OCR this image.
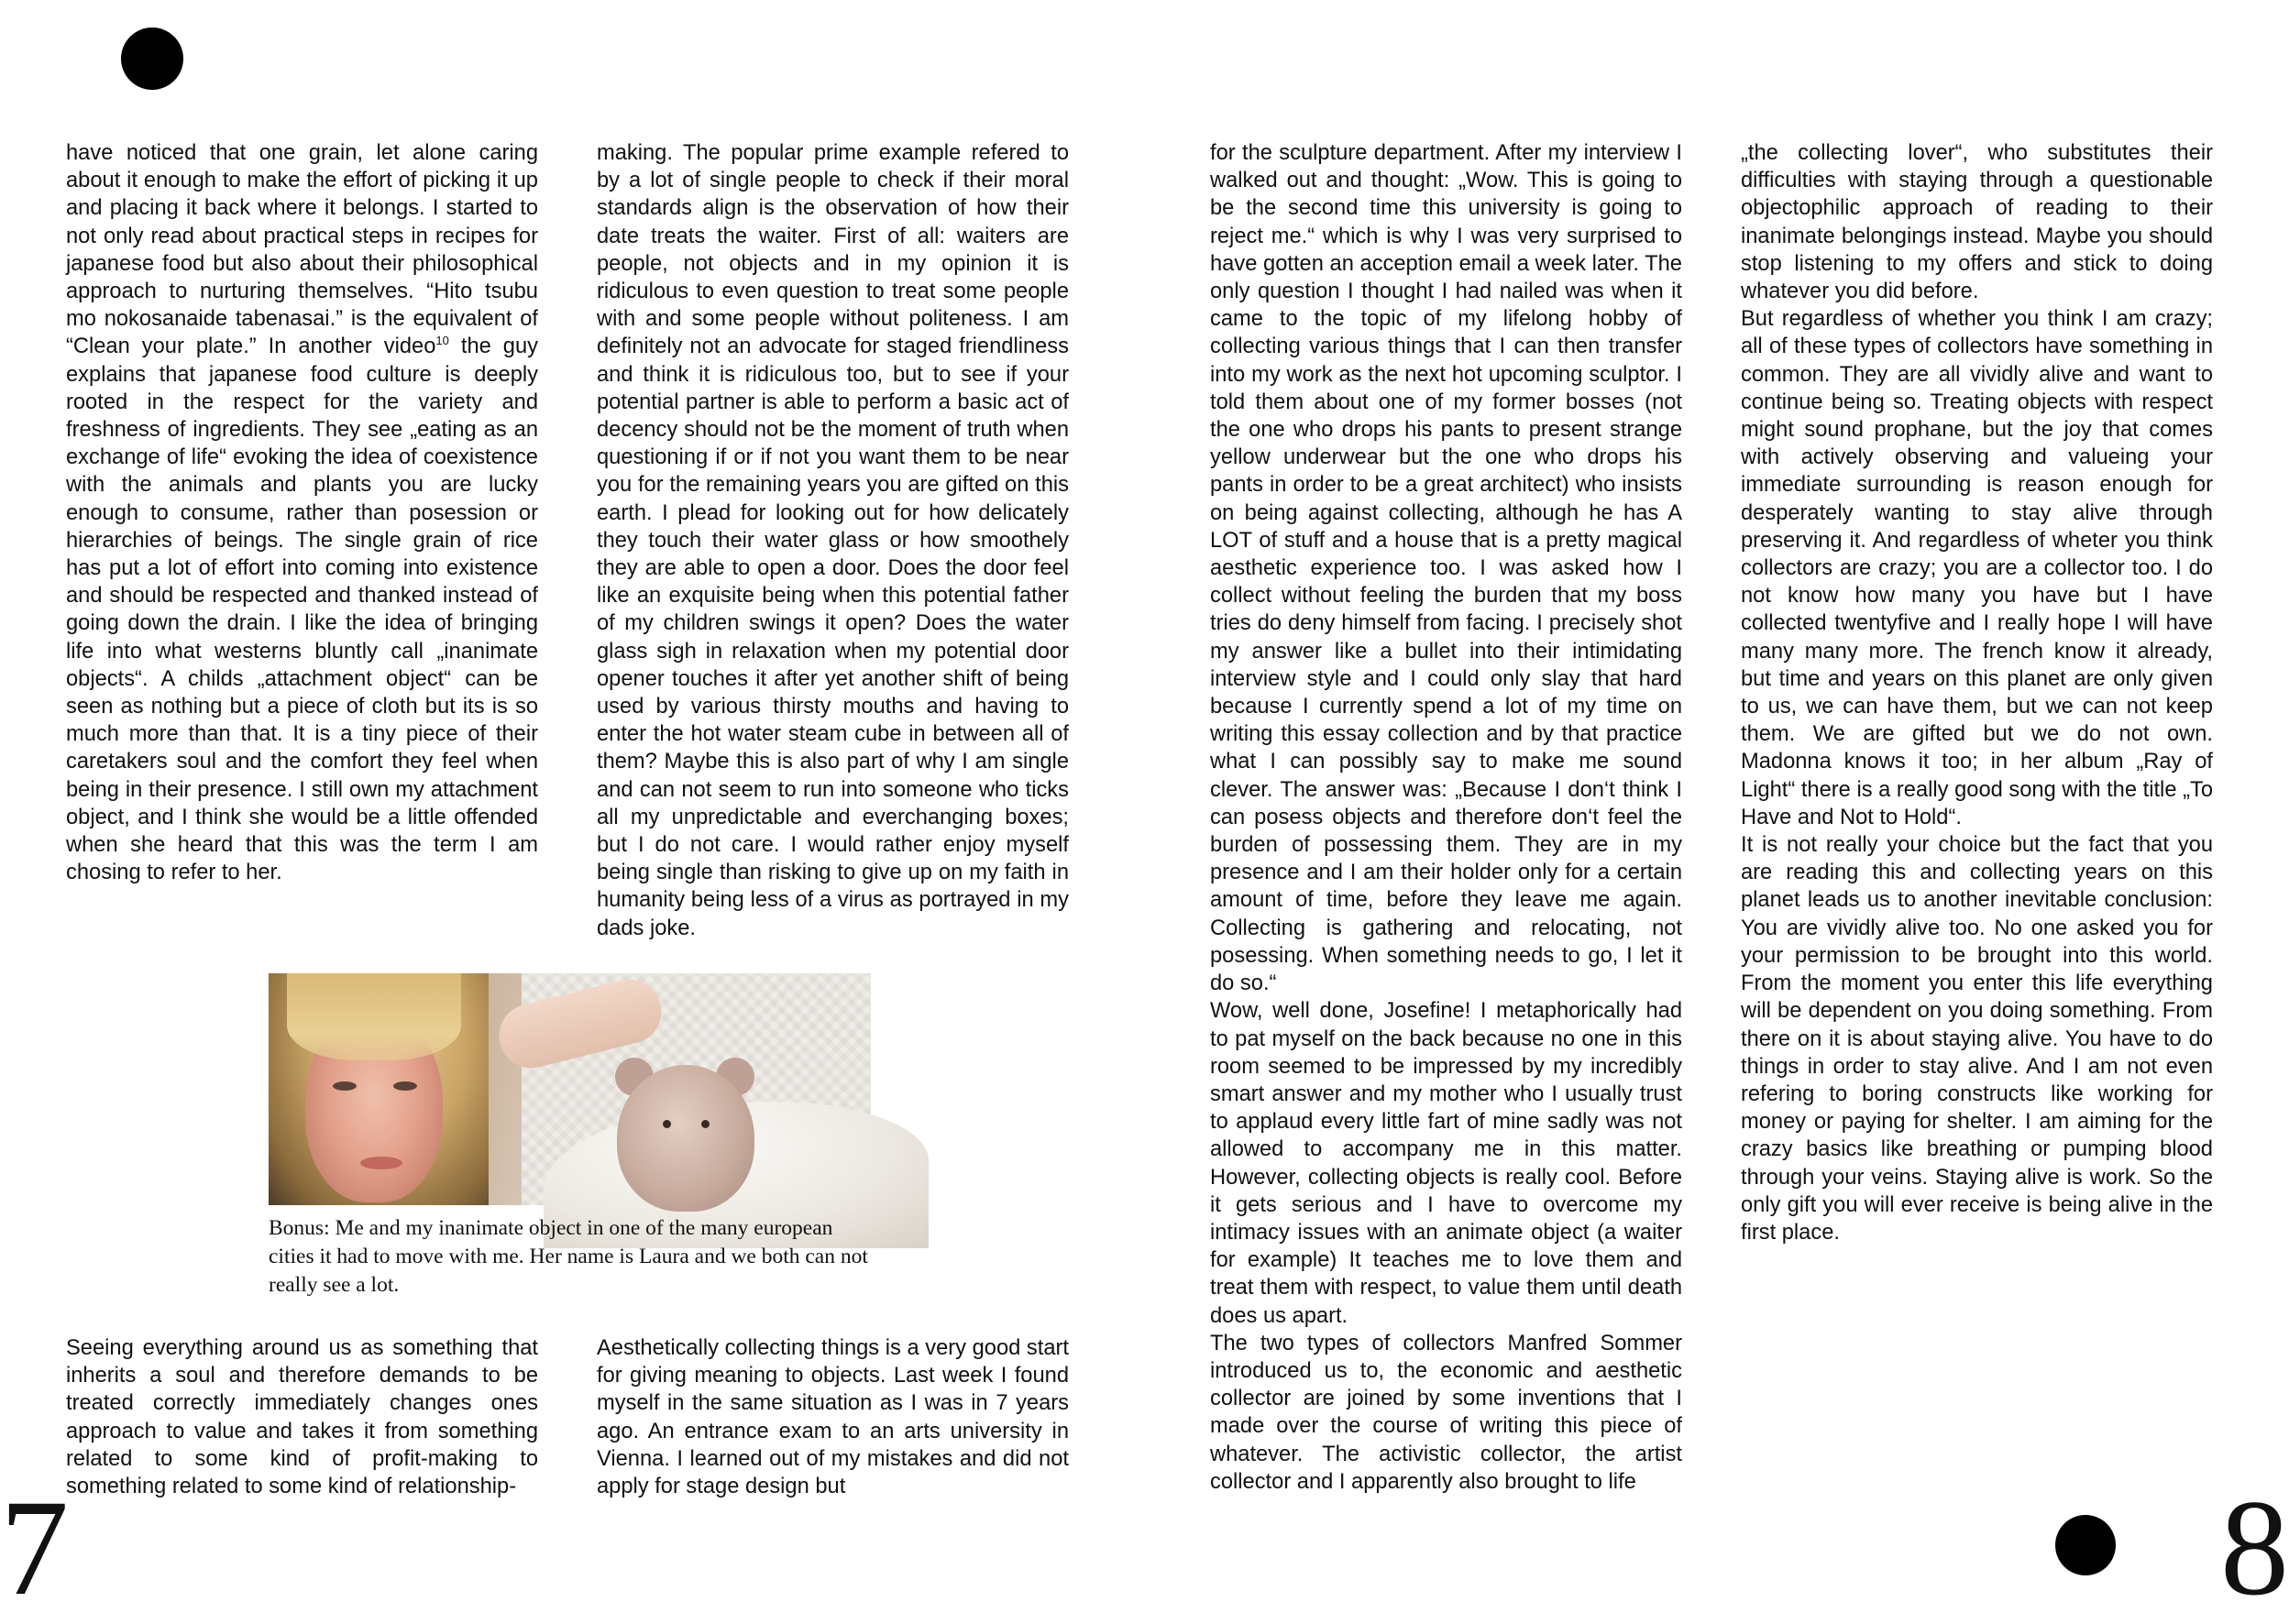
have noticed that one grain, let alone caring about it enough to make the effort of picking it up and placing it back where it belongs. I started to not only read about practical steps in recipes for japanese food but also about their philosophical approach to nurturing themselves. “Hito tsubu mo nokosanaide tabenasai.” is the equivalent of “Clean your plate.” In another video$^{10}$ the guy explains that japanese food culture is deeply rooted in the respect for the variety and freshness of ingredients. They see „eating as an exchange of life“ evoking the idea of coexistence with the animals and plants you are lucky enough to consume, rather than posession or hierarchies of beings. The single grain of rice has put a lot of effort into coming into existence and should be respected and thanked instead of going down the drain. I like the idea of bringing life into what westerns bluntly call „inanimate objects“. A childs „attachment object“ can be seen as nothing but a piece of cloth but its is so much more than that. It is a tiny piece of their caretakers soul and the comfort they feel when being in their presence. I still own my attachment object, and I think she would be a little offended when she heard that this was the term I am chosing to refer to her.

making. The popular prime example refered to by a lot of single people to check if their moral standards align is the observation of how their date treats the waiter. First of all: waiters are people, not objects and in my opinion it is ridiculous to even question to treat some people with and some people without politeness. I am definitely not an advocate for staged friendliness and think it is ridiculous too, but to see if your potential partner is able to perform a basic act of decency should not be the moment of truth when questioning if or if not you want them to be near you for the remaining years you are gifted on this earth. I plead for looking out for how delicately they touch their water glass or how smoothely they are able to open a door. Does the door feel like an exquisite being when this potential father of my children swings it open? Does the water glass sigh in relaxation when my potential door opener touches it after yet another shift of being used by various thirsty mouths and having to enter the hot water steam cube in between all of them? Maybe this is also part of why I am single and can not seem to run into someone who ticks all my unpredictable and everchanging boxes; but I do not care. I would rather enjoy myself being single than risking to give up on my faith in humanity being less of a virus as portrayed in my dads joke.

Bonus: Me and my inanimate object in one of the many european cities it had to move with me. Her name is Laura and we both can not really see a lot.

Seeing everything around us as something that inherits a soul and therefore demands to be treated correctly immediately changes ones approach to value and takes it from something related to some kind of profit-making to something related to some kind of relationship-

Aesthetically collecting things is a very good start for giving meaning to objects. Last week I found myself in the same situation as I was in 7 years ago. An entrance exam to an arts university in Vienna. I learned out of my mistakes and did not apply for stage design but

7

for the sculpture department. After my interview I walked out and thought: „Wow. This is going to be the second time this university is going to reject me.“ which is why I was very surprised to have gotten an acception email a week later. The only question I thought I had nailed was when it came to the topic of my lifelong hobby of collecting various things that I can then transfer into my work as the next hot upcoming sculptor. I told them about one of my former bosses (not the one who drops his pants to present strange yellow underwear but the one who drops his pants in order to be a great architect) who insists on being against collecting, although he has A LOT of stuff and a house that is a pretty magical aesthetic experience too. I was asked how I collect without feeling the burden that my boss tries do deny himself from facing. I precisely shot my answer like a bullet into their intimidating interview style and I could only slay that hard because I currently spend a lot of my time on writing this essay collection and by that practice what I can possibly say to make me sound clever. The answer was: „Because I don‘t think I can posess objects and therefore don‘t feel the burden of possessing them. They are in my presence and I am their holder only for a certain amount of time, before they leave me again. Collecting is gathering and relocating, not posessing. When something needs to go, I let it do so.“

Wow, well done, Josefine! I metaphorically had to pat myself on the back because no one in this room seemed to be impressed by my incredibly smart answer and my mother who I usually trust to applaud every little fart of mine sadly was not allowed to accompany me in this matter. However, collecting objects is really cool. Before it gets serious and I have to overcome my intimacy issues with an animate object (a waiter for example) It teaches me to love them and treat them with respect, to value them until death does us apart.

The two types of collectors Manfred Sommer introduced us to, the economic and aesthetic collector are joined by some inventions that I made over the course of writing this piece of whatever. The activistic collector, the artist collector and I apparently also brought to life

„the collecting lover“, who substitutes their difficulties with staying through a questionable objectophilic approach of reading to their inanimate belongings instead. Maybe you should stop listening to my offers and stick to doing whatever you did before.

But regardless of whether you think I am crazy; all of these types of collectors have something in common. They are all vividly alive and want to continue being so. Treating objects with respect might sound prophane, but the joy that comes with actively observing and valueing your immediate surrounding is reason enough for desperately wanting to stay alive through preserving it. And regardless of wheter you think collectors are crazy; you are a collector too. I do not know how many you have but I have collected twentyfive and I really hope I will have many many more. The french know it already, but time and years on this planet are only given to us, we can have them, but we can not keep them. We are gifted but we do not own. Madonna knows it too; in her album „Ray of Light“ there is a really good song with the title „To Have and Not to Hold“.

It is not really your choice but the fact that you are reading this and collecting years on this planet leads us to another inevitable conclusion: You are vividly alive too. No one asked you for your permission to be brought into this world. From the moment you enter this life everything will be dependent on you doing something. From there on it is about staying alive. You have to do things in order to stay alive. And I am not even refering to boring constructs like working for money or paying for shelter. I am aiming for the crazy basics like breathing or pumping blood through your veins. Staying alive is work. So the only gift you will ever receive is being alive in the first place.

8
